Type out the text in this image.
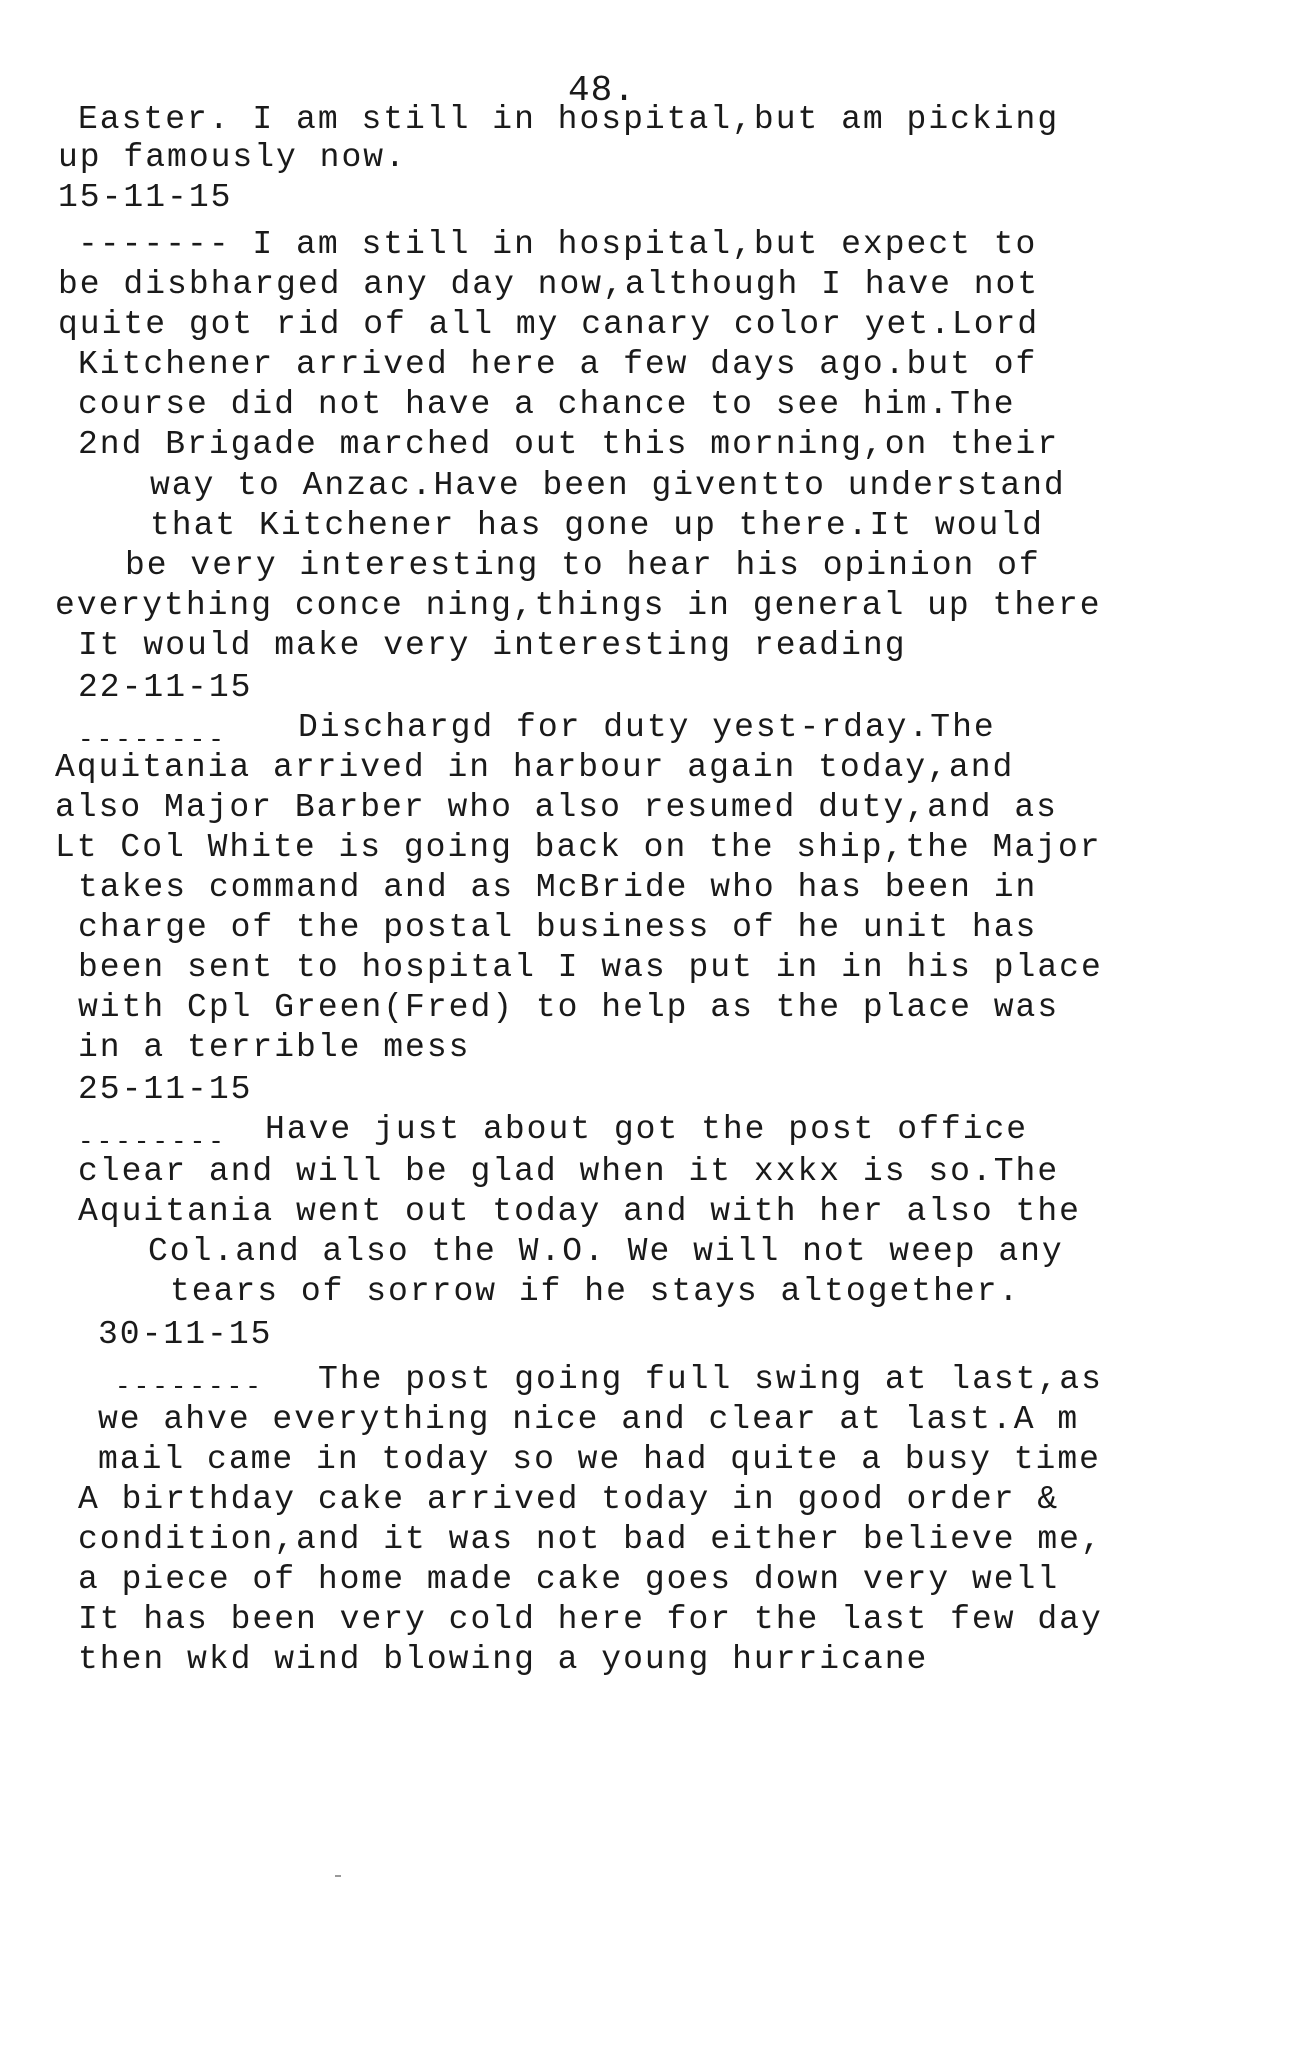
48.
Easter. I am still in hospital,but am picking
up famously now.
15-11-15
------- I am still in hospital,but expect to
be disbharged any day now,although I have not
quite got rid of all my canary color yet.Lord
Kitchener arrived here a few days ago.but of
course did not have a chance to see him.The
2nd Brigade marched out this morning,on their
way to Anzac.Have been giventto understand
that Kitchener has gone up there.It would
be very interesting to hear his opinion of
everything conce ning,things in general up there
It would make very interesting reading
22-11-15
Dischargd for duty yest-rday.The
Aquitania arrived in harbour again today,and
also Major Barber who also resumed duty,and as
Lt Col White is going back on the ship,the Major
takes command and as McBride who has been in
charge of the postal business of he unit has
been sent to hospital I was put in in his place
with Cpl Green(Fred) to help as the place was
in a terrible mess
25-11-15
Have just about got the post office
clear and will be glad when it xxkx is so.The
Aquitania went out today and with her also the
Col.and also the W.O. We will not weep any
tears of sorrow if he stays altogether.
30-11-15
The post going full swing at last,as
we ahve everything nice and clear at last.A m
mail came in today so we had quite a busy time
A birthday cake arrived today in good order &
condition,and it was not bad either believe me,
a piece of home made cake goes down very well
It has been very cold here for the last few day
then wkd wind blowing a young hurricane
--------
--------
--------
